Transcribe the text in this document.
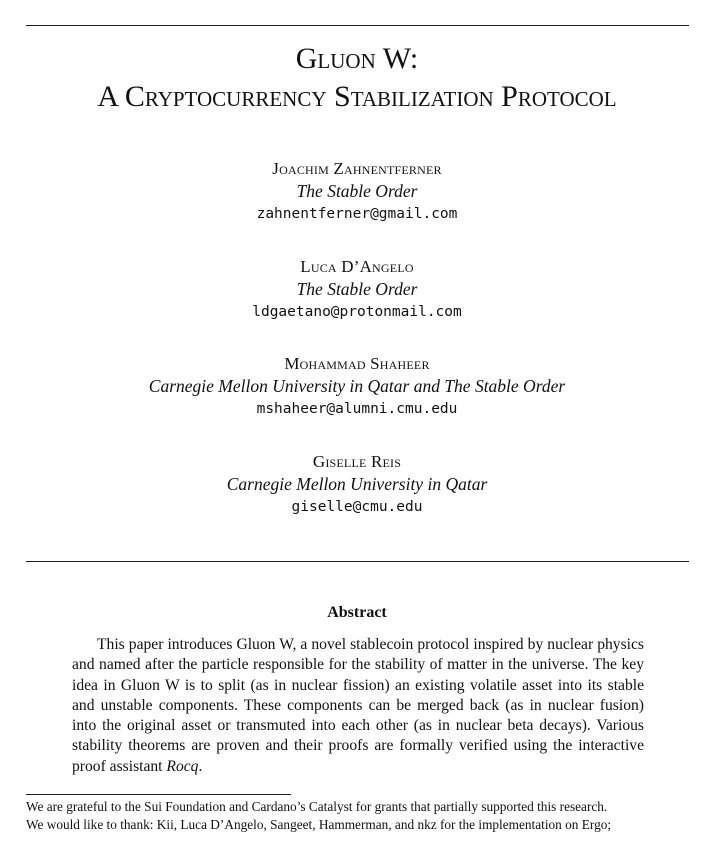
Gluon W:
A Cryptocurrency Stabilization Protocol
Joachim Zahnentferner
The Stable Order
zahnentferner@gmail.com
Luca D’Angelo
The Stable Order
ldgaetano@protonmail.com
Mohammad Shaheer
Carnegie Mellon University in Qatar and The Stable Order
mshaheer@alumni.cmu.edu
Giselle Reis
Carnegie Mellon University in Qatar
giselle@cmu.edu
Abstract

This paper introduces Gluon W, a novel stablecoin protocol inspired by nuclear physics and named after the particle responsible for the stability of matter in the universe. The key idea in Gluon W is to split (as in nuclear fission) an existing volatile asset into its stable and unstable components. These components can be merged back (as in nuclear fusion) into the original asset or transmuted into each other (as in nuclear beta decays). Various stability theorems are proven and their proofs are formally verified using the interactive proof assistant Rocq.

We are grateful to the Sui Foundation and Cardano’s Catalyst for grants that partially supported this research.
We would like to thank: Kii, Luca D’Angelo, Sangeet, Hammerman, and nkz for the implementation on Ergo;
